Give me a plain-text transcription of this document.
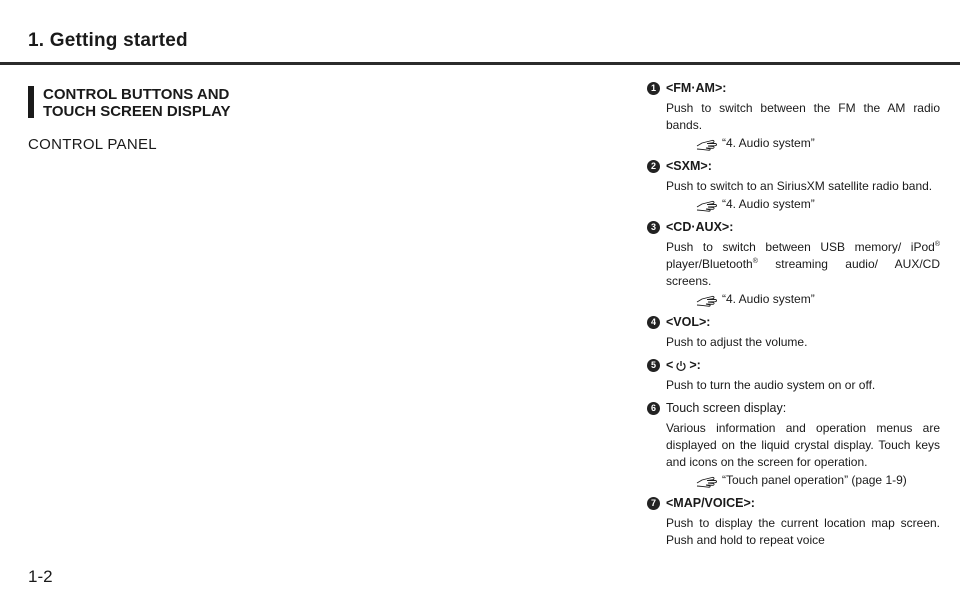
1. Getting started
CONTROL BUTTONS AND
TOUCH SCREEN DISPLAY
CONTROL PANEL
1 <FM·AM> :
Push to switch between the FM the AM radio bands.
“4. Audio system”
2 <SXM> :
Push to switch to an SiriusXM satellite radio band.
“4. Audio system”
3 <CD·AUX> :
Push to switch between USB memory/ iPod® player/Bluetooth® streaming audio/ AUX/CD screens.
“4. Audio system”
4 <VOL> :
Push to adjust the volume.
5 < > :
Push to turn the audio system on or off.
6 Touch screen display:
Various information and operation menus are displayed on the liquid crystal display. Touch keys and icons on the screen for operation.
“Touch panel operation” (page 1-9)
7 <MAP/VOICE> :
Push to display the current location map screen. Push and hold to repeat voice
1-2
